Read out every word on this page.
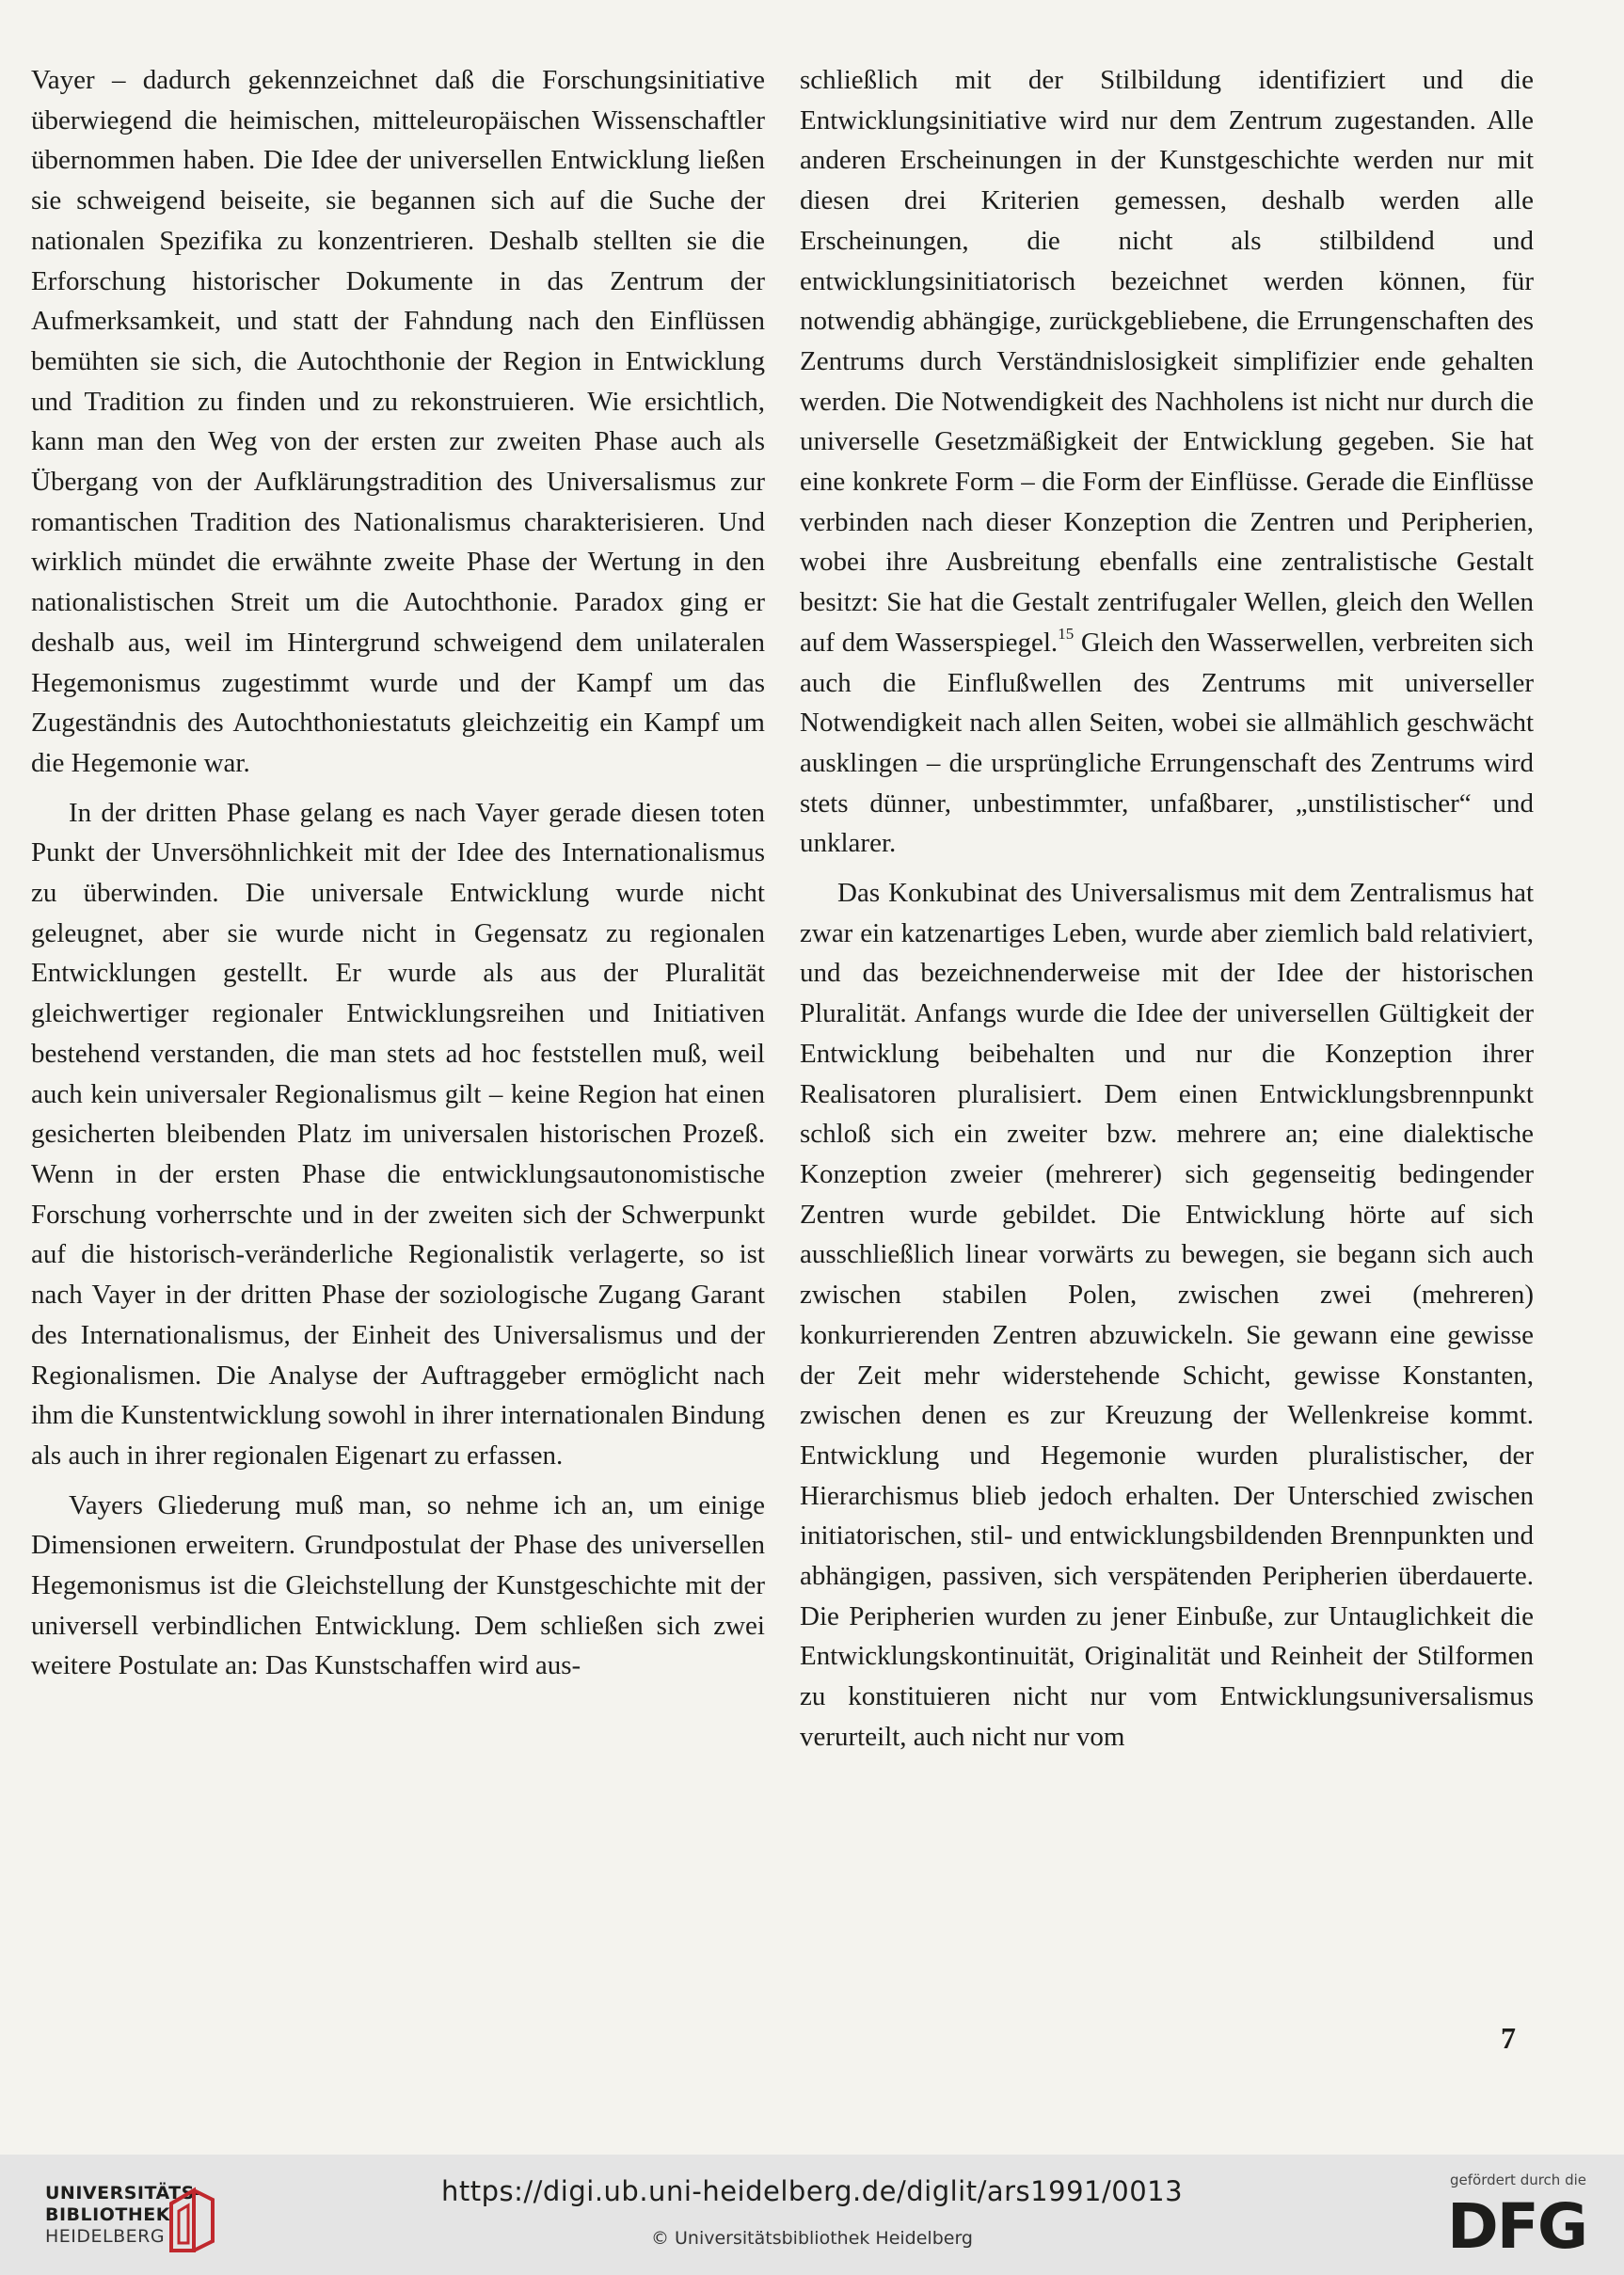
Vayer – dadurch gekennzeichnet daß die Forschungsinitiative überwiegend die heimischen, mitteleuropäischen Wissenschaftler übernommen haben. Die Idee der universellen Entwicklung ließen sie schweigend beiseite, sie begannen sich auf die Suche der nationalen Spezifika zu konzentrieren. Deshalb stellten sie die Erforschung historischer Dokumente in das Zentrum der Aufmerksamkeit, und statt der Fahndung nach den Einflüssen bemühten sie sich, die Autochthonie der Region in Entwicklung und Tradition zu finden und zu rekonstruieren. Wie ersichtlich, kann man den Weg von der ersten zur zweiten Phase auch als Übergang von der Aufklärungstradition des Universalismus zur romantischen Tradition des Nationalismus charakterisieren. Und wirklich mündet die erwähnte zweite Phase der Wertung in den nationalistischen Streit um die Autochthonie. Paradox ging er deshalb aus, weil im Hintergrund schweigend dem unilateralen Hegemonismus zugestimmt wurde und der Kampf um das Zugeständnis des Autochthoniestatuts gleichzeitig ein Kampf um die Hegemonie war.

In der dritten Phase gelang es nach Vayer gerade diesen toten Punkt der Unversöhnlichkeit mit der Idee des Internationalismus zu überwinden. Die universale Entwicklung wurde nicht geleugnet, aber sie wurde nicht in Gegensatz zu regionalen Entwicklungen gestellt. Er wurde als aus der Pluralität gleichwertiger regionaler Entwicklungsreihen und Initiativen bestehend verstanden, die man stets ad hoc feststellen muß, weil auch kein universaler Regionalismus gilt – keine Region hat einen gesicherten bleibenden Platz im universalen historischen Prozeß. Wenn in der ersten Phase die entwicklungsautonomistische Forschung vorherrschte und in der zweiten sich der Schwerpunkt auf die historisch-veränderliche Regionalistik verlagerte, so ist nach Vayer in der dritten Phase der soziologische Zugang Garant des Internationalismus, der Einheit des Universalismus und der Regionalismen. Die Analyse der Auftraggeber ermöglicht nach ihm die Kunstentwicklung sowohl in ihrer internationalen Bindung als auch in ihrer regionalen Eigenart zu erfassen.

Vayers Gliederung muß man, so nehme ich an, um einige Dimensionen erweitern. Grundpostulat der Phase des universellen Hegemonismus ist die Gleichstellung der Kunstgeschichte mit der universell verbindlichen Entwicklung. Dem schließen sich zwei weitere Postulate an: Das Kunstschaffen wird aus-

schließlich mit der Stilbildung identifiziert und die Entwicklungsinitiative wird nur dem Zentrum zugestanden. Alle anderen Erscheinungen in der Kunstgeschichte werden nur mit diesen drei Kriterien gemessen, deshalb werden alle Erscheinungen, die nicht als stilbildend und entwicklungsinitiatorisch bezeichnet werden können, für notwendig abhängige, zurückgebliebene, die Errungenschaften des Zentrums durch Verständnislosigkeit simplifizier ende gehalten werden. Die Notwendigkeit des Nachholens ist nicht nur durch die universelle Gesetzmäßigkeit der Entwicklung gegeben. Sie hat eine konkrete Form – die Form der Einflüsse. Gerade die Einflüsse verbinden nach dieser Konzeption die Zentren und Peripherien, wobei ihre Ausbreitung ebenfalls eine zentralistische Gestalt besitzt: Sie hat die Gestalt zentrifugaler Wellen, gleich den Wellen auf dem Wasserspiegel.$^{15}$ Gleich den Wasserwellen, verbreiten sich auch die Einflußwellen des Zentrums mit universeller Notwendigkeit nach allen Seiten, wobei sie allmählich geschwächt ausklingen – die ursprüngliche Errungenschaft des Zentrums wird stets dünner, unbestimmter, unfaßbarer, „unstilistischer“ und unklarer.

Das Konkubinat des Universalismus mit dem Zentralismus hat zwar ein katzenartiges Leben, wurde aber ziemlich bald relativiert, und das bezeichnenderweise mit der Idee der historischen Pluralität. Anfangs wurde die Idee der universellen Gültigkeit der Entwicklung beibehalten und nur die Konzeption ihrer Realisatoren pluralisiert. Dem einen Entwicklungsbrennpunkt schloß sich ein zweiter bzw. mehrere an; eine dialektische Konzeption zweier (mehrerer) sich gegenseitig bedingender Zentren wurde gebildet. Die Entwicklung hörte auf sich ausschließlich linear vorwärts zu bewegen, sie begann sich auch zwischen stabilen Polen, zwischen zwei (mehreren) konkurrierenden Zentren abzuwickeln. Sie gewann eine gewisse der Zeit mehr widerstehende Schicht, gewisse Konstanten, zwischen denen es zur Kreuzung der Wellenkreise kommt. Entwicklung und Hegemonie wurden pluralistischer, der Hierarchismus blieb jedoch erhalten. Der Unterschied zwischen initiatorischen, stil- und entwicklungsbildenden Brennpunkten und abhängigen, passiven, sich verspätenden Peripherien überdauerte. Die Peripherien wurden zu jener Einbuße, zur Untauglichkeit die Entwicklungskontinuität, Originalität und Reinheit der Stilformen zu konstituieren nicht nur vom Entwicklungsuniversalismus verurteilt, auch nicht nur vom

7
UNIVERSITÄTS-
BIBLIOTHEK
HEIDELBERG
https://digi.ub.uni-heidelberg.de/diglit/ars1991/0013
© Universitätsbibliothek Heidelberg
gefördert durch die
DFG
